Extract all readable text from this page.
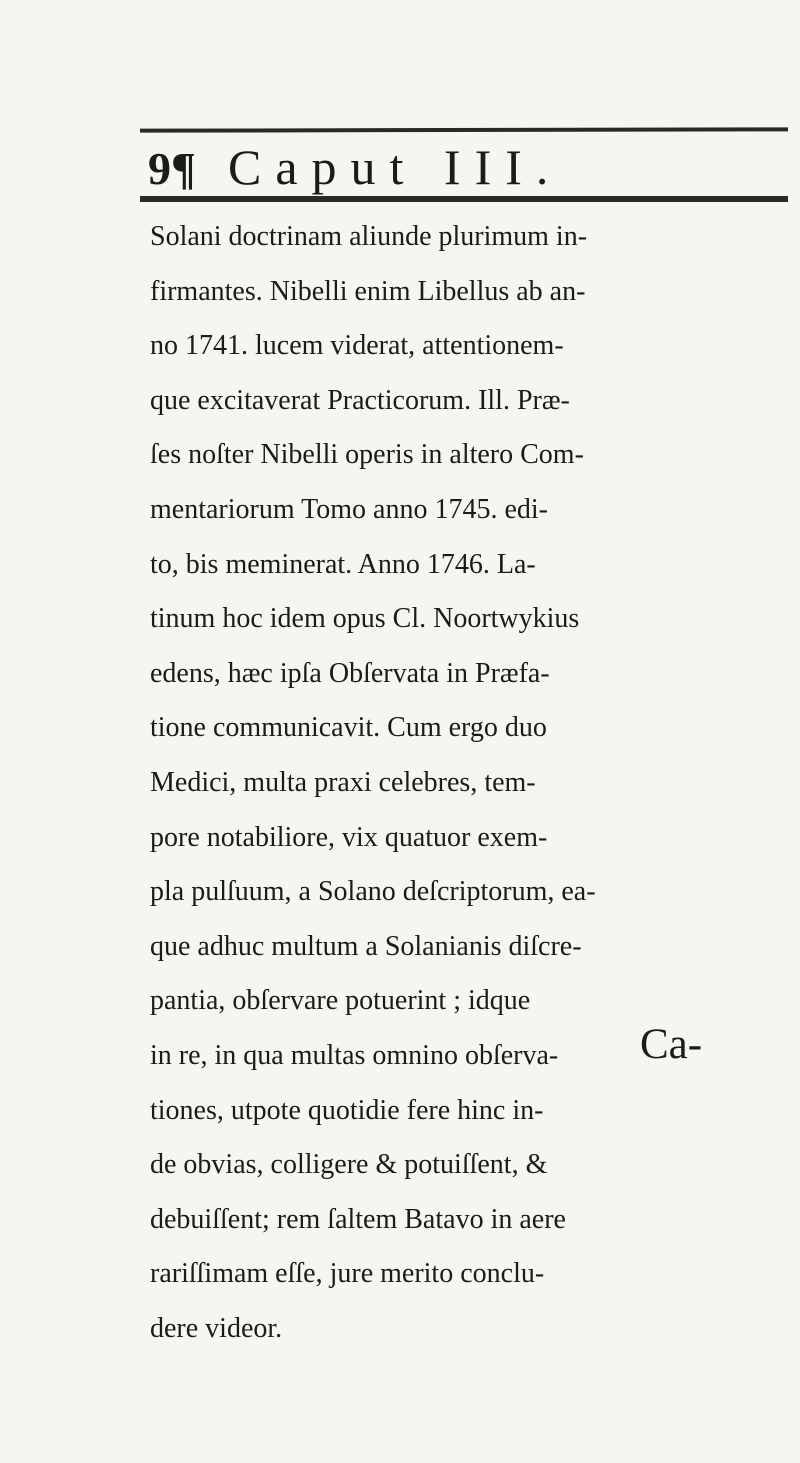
9¶ Caput III.
Solani doctrinam aliunde plurimum in-
firmantes. Nibelli enim Libellus ab an-
no 1741. lucem viderat, attentionem-
que excitaverat Practicorum. Ill. Præ-
ſes noſter Nibelli operis in altero Com-
mentariorum Tomo anno 1745. edi-
to, bis meminerat. Anno 1746. La-
tinum hoc idem opus Cl. Noortwykius
edens, hæc ipſa Obſervata in Præfa-
tione communicavit. Cum ergo duo
Medici, multa praxi celebres, tem-
pore notabiliore, vix quatuor exem-
pla pulſuum, a Solano deſcriptorum, ea-
que adhuc multum a Solanianis diſcre-
pantia, obſervare potuerint ; idque
in re, in qua multas omnino obſerva-
tiones, utpote quotidie fere hinc in-
de obvias, colligere & potuiſſent, &
debuiſſent; rem ſaltem Batavo in aere
rariſſimam eſſe, jure merito conclu-
dere videor.
Ca-
